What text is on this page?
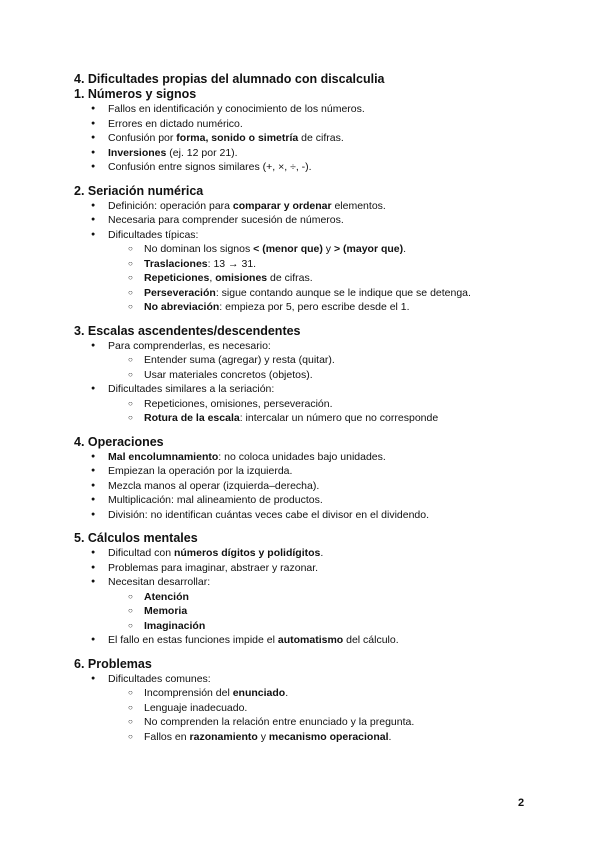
4. Dificultades propias del alumnado con discalculia
1. Números y signos
● Fallos en identificación y conocimiento de los números.
● Errores en dictado numérico.
● Confusión por forma, sonido o simetría de cifras.
● Inversiones (ej. 12 por 21).
● Confusión entre signos similares (+, ×, ÷, -).
2. Seriación numérica
● Definición: operación para comparar y ordenar elementos.
● Necesaria para comprender sucesión de números.
● Dificultades típicas:
○ No dominan los signos < (menor que) y > (mayor que).
○ Traslaciones: 13 → 31.
○ Repeticiones, omisiones de cifras.
○ Perseveración: sigue contando aunque se le indique que se detenga.
○ No abreviación: empieza por 5, pero escribe desde el 1.
3. Escalas ascendentes/descendentes
● Para comprenderlas, es necesario:
○ Entender suma (agregar) y resta (quitar).
○ Usar materiales concretos (objetos).
● Dificultades similares a la seriación:
○ Repeticiones, omisiones, perseveración.
○ Rotura de la escala: intercalar un número que no corresponde
4. Operaciones
● Mal encolumnamiento: no coloca unidades bajo unidades.
● Empiezan la operación por la izquierda.
● Mezcla manos al operar (izquierda–derecha).
● Multiplicación: mal alineamiento de productos.
● División: no identifican cuántas veces cabe el divisor en el dividendo.
5. Cálculos mentales
● Dificultad con números dígitos y polidígitos.
● Problemas para imaginar, abstraer y razonar.
● Necesitan desarrollar:
○ Atención
○ Memoria
○ Imaginación
● El fallo en estas funciones impide el automatismo del cálculo.
6. Problemas
● Dificultades comunes:
○ Incomprensión del enunciado.
○ Lenguaje inadecuado.
○ No comprenden la relación entre enunciado y la pregunta.
○ Fallos en razonamiento y mecanismo operacional.
2
